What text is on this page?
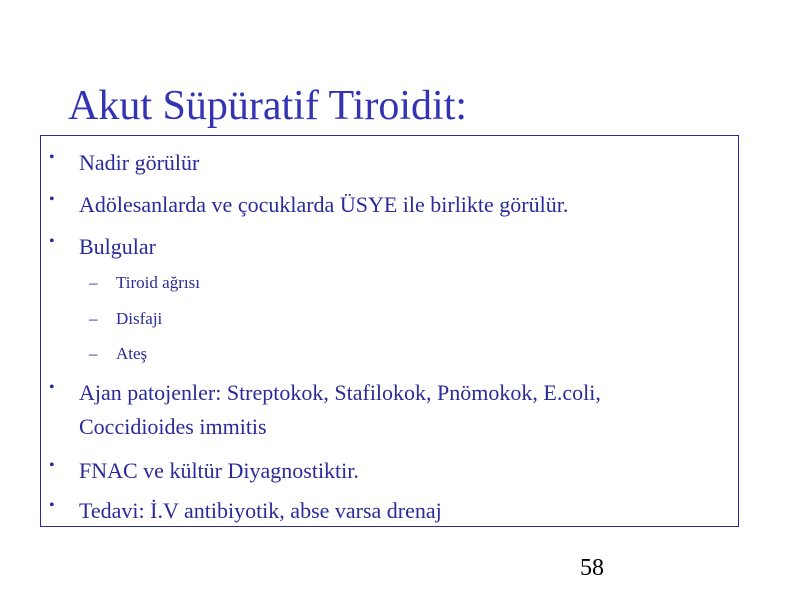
Akut Süpüratif Tiroidit:
• Nadir görülür
• Adölesanlarda ve çocuklarda ÜSYE ile birlikte görülür.
• Bulgular
– Tiroid ağrısı
– Disfaji
– Ateş
• Ajan patojenler: Streptokok, Stafilokok, Pnömokok, E.coli, Coccidioides immitis
• FNAC ve kültür Diyagnostiktir.
• Tedavi: İ.V antibiyotik, abse varsa drenaj
58
